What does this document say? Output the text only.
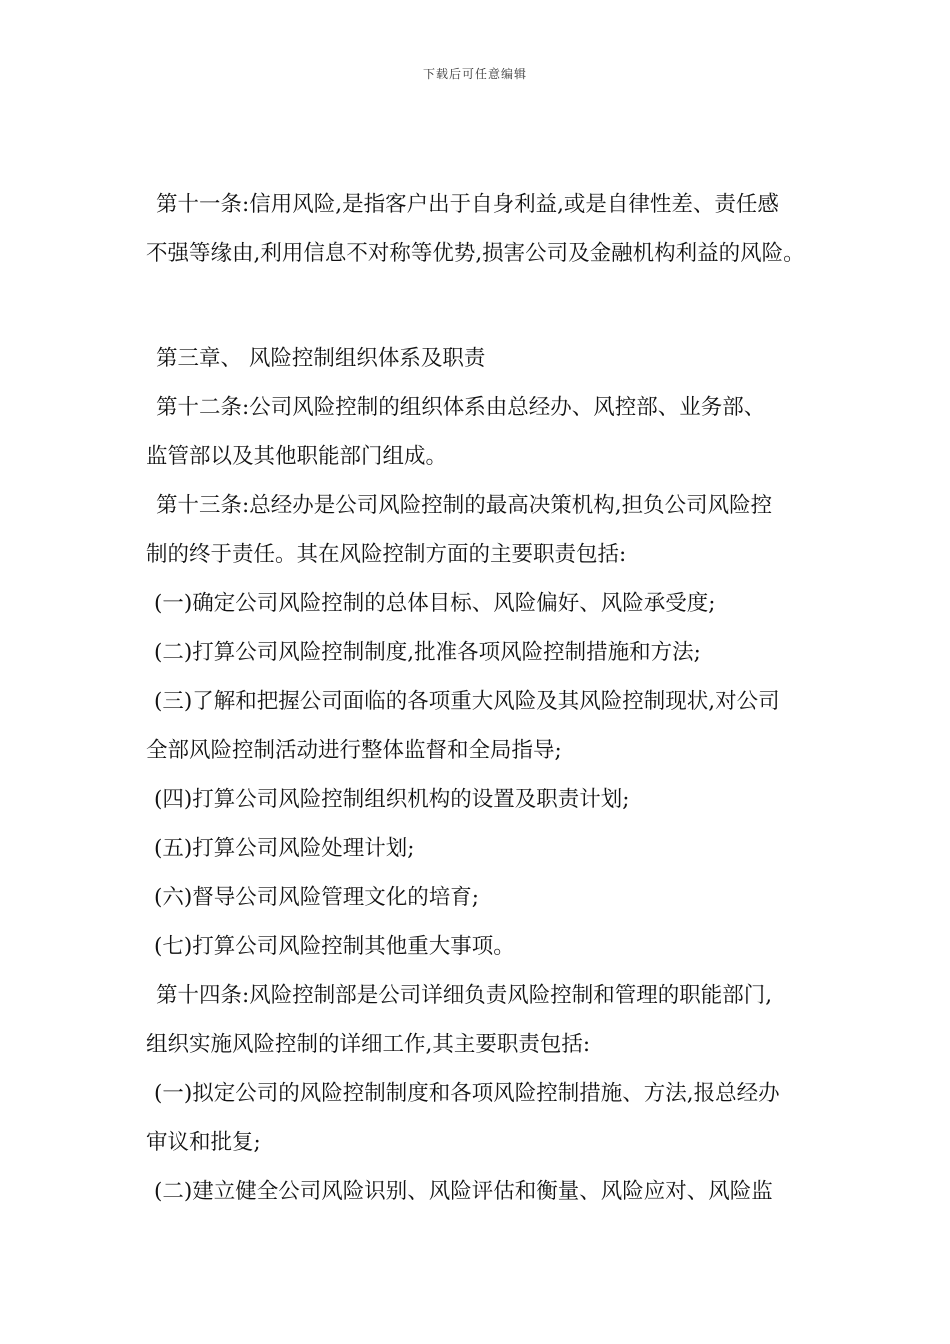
下载后可任意编辑

第十一条:信用风险,是指客户出于自身利益,或是自律性差、责任感

不强等缘由,利用信息不对称等优势,损害公司及金融机构利益的风险。

第三章、 风险控制组织体系及职责

第十二条:公司风险控制的组织体系由总经办、风控部、业务部、

监管部以及其他职能部门组成。

第十三条:总经办是公司风险控制的最高决策机构,担负公司风险控

制的终于责任。其在风险控制方面的主要职责包括:

(一)确定公司风险控制的总体目标、风险偏好、风险承受度;

(二)打算公司风险控制制度,批准各项风险控制措施和方法;

(三)了解和把握公司面临的各项重大风险及其风险控制现状,对公司

全部风险控制活动进行整体监督和全局指导;

(四)打算公司风险控制组织机构的设置及职责计划;

(五)打算公司风险处理计划;

(六)督导公司风险管理文化的培育;

(七)打算公司风险控制其他重大事项。

第十四条:风险控制部是公司详细负责风险控制和管理的职能部门,

组织实施风险控制的详细工作,其主要职责包括:

(一)拟定公司的风险控制制度和各项风险控制措施、方法,报总经办

审议和批复;

(二)建立健全公司风险识别、风险评估和衡量、风险应对、风险监
